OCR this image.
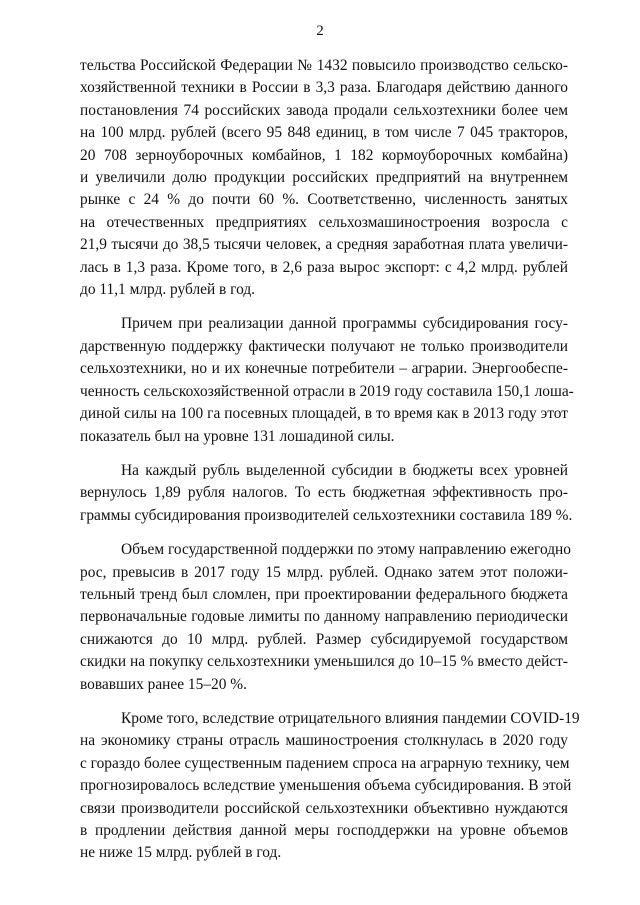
2
тельства Российской Федерации № 1432 повысило производство сельско-
хозяйственной техники в России в 3,3 раза. Благодаря действию данного
постановления 74 российских завода продали сельхозтехники более чем
на 100 млрд. рублей (всего 95 848 единиц, в том числе 7 045 тракторов,
20 708 зерноуборочных комбайнов, 1 182 кормоуборочных комбайна)
и увеличили долю продукции российских предприятий на внутреннем
рынке с 24 % до почти 60 %. Соответственно, численность занятых
на отечественных предприятиях сельхозмашиностроения возросла с
21,9 тысячи до 38,5 тысячи человек, а средняя заработная плата увеличи-
лась в 1,3 раза. Кроме того, в 2,6 раза вырос экспорт: с 4,2 млрд. рублей
до 11,1 млрд. рублей в год.
Причем при реализации данной программы субсидирования госу-
дарственную поддержку фактически получают не только производители
сельхозтехники, но и их конечные потребители – аграрии. Энергообеспе-
ченность сельскохозяйственной отрасли в 2019 году составила 150,1 лоша-
диной силы на 100 га посевных площадей, в то время как в 2013 году этот
показатель был на уровне 131 лошадиной силы.
На каждый рубль выделенной субсидии в бюджеты всех уровней
вернулось 1,89 рубля налогов. То есть бюджетная эффективность про-
граммы субсидирования производителей сельхозтехники составила 189 %.
Объем государственной поддержки по этому направлению ежегодно
рос, превысив в 2017 году 15 млрд. рублей. Однако затем этот положи-
тельный тренд был сломлен, при проектировании федерального бюджета
первоначальные годовые лимиты по данному направлению периодически
снижаются до 10 млрд. рублей. Размер субсидируемой государством
скидки на покупку сельхозтехники уменьшился до 10–15 % вместо дейст-
вовавших ранее 15–20 %.
Кроме того, вследствие отрицательного влияния пандемии COVID-19
на экономику страны отрасль машиностроения столкнулась в 2020 году
с гораздо более существенным падением спроса на аграрную технику, чем
прогнозировалось вследствие уменьшения объема субсидирования. В этой
связи производители российской сельхозтехники объективно нуждаются
в продлении действия данной меры господдержки на уровне объемов
не ниже 15 млрд. рублей в год.
